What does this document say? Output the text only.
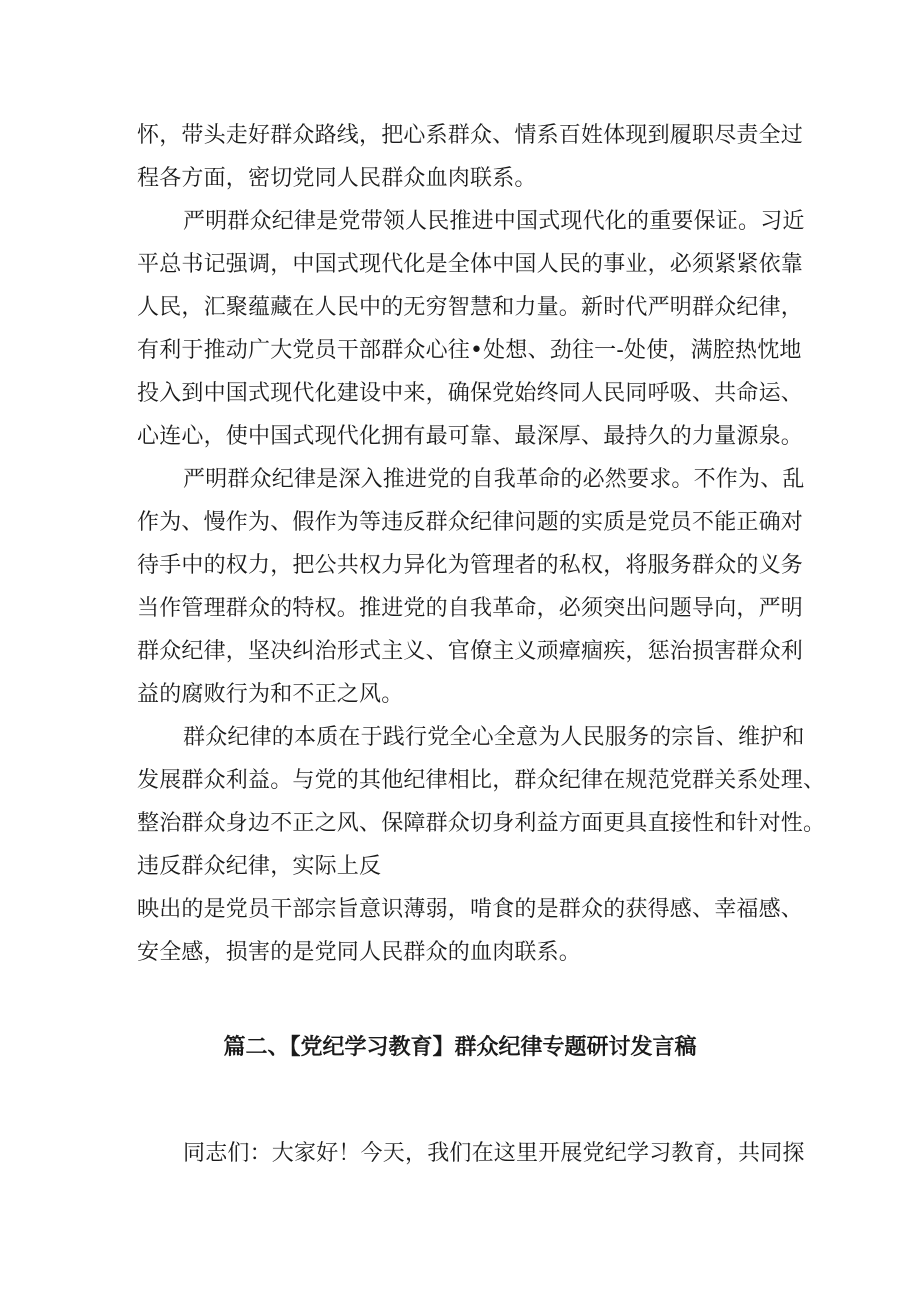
怀，带头走好群众路线，把心系群众、情系百姓体现到履职尽责全过
程各方面，密切党同人民群众血肉联系。
严明群众纪律是党带领人民推进中国式现代化的重要保证。习近
平总书记强调，中国式现代化是全体中国人民的事业，必须紧紧依靠
人民，汇聚蕴藏在人民中的无穷智慧和力量。新时代严明群众纪律，
有利于推动广大党员干部群众心往•处想、劲往一-处使，满腔热忱地
投入到中国式现代化建设中来，确保党始终同人民同呼吸、共命运、
心连心，使中国式现代化拥有最可靠、最深厚、最持久的力量源泉。
严明群众纪律是深入推进党的自我革命的必然要求。不作为、乱
作为、慢作为、假作为等违反群众纪律问题的实质是党员不能正确对
待手中的权力，把公共权力异化为管理者的私权，将服务群众的义务
当作管理群众的特权。推进党的自我革命，必须突出问题导向，严明
群众纪律，坚决纠治形式主义、官僚主义顽瘴痼疾，惩治损害群众利
益的腐败行为和不正之风。
群众纪律的本质在于践行党全心全意为人民服务的宗旨、维护和
发展群众利益。与党的其他纪律相比，群众纪律在规范党群关系处理、
整治群众身边不正之风、保障群众切身利益方面更具直接性和针对性。
违反群众纪律，实际上反
映出的是党员干部宗旨意识薄弱，啃食的是群众的获得感、幸福感、
安全感，损害的是党同人民群众的血肉联系。
篇二、【党纪学习教育】群众纪律专题研讨发言稿
同志们：大家好！今天，我们在这里开展党纪学习教育，共同探
